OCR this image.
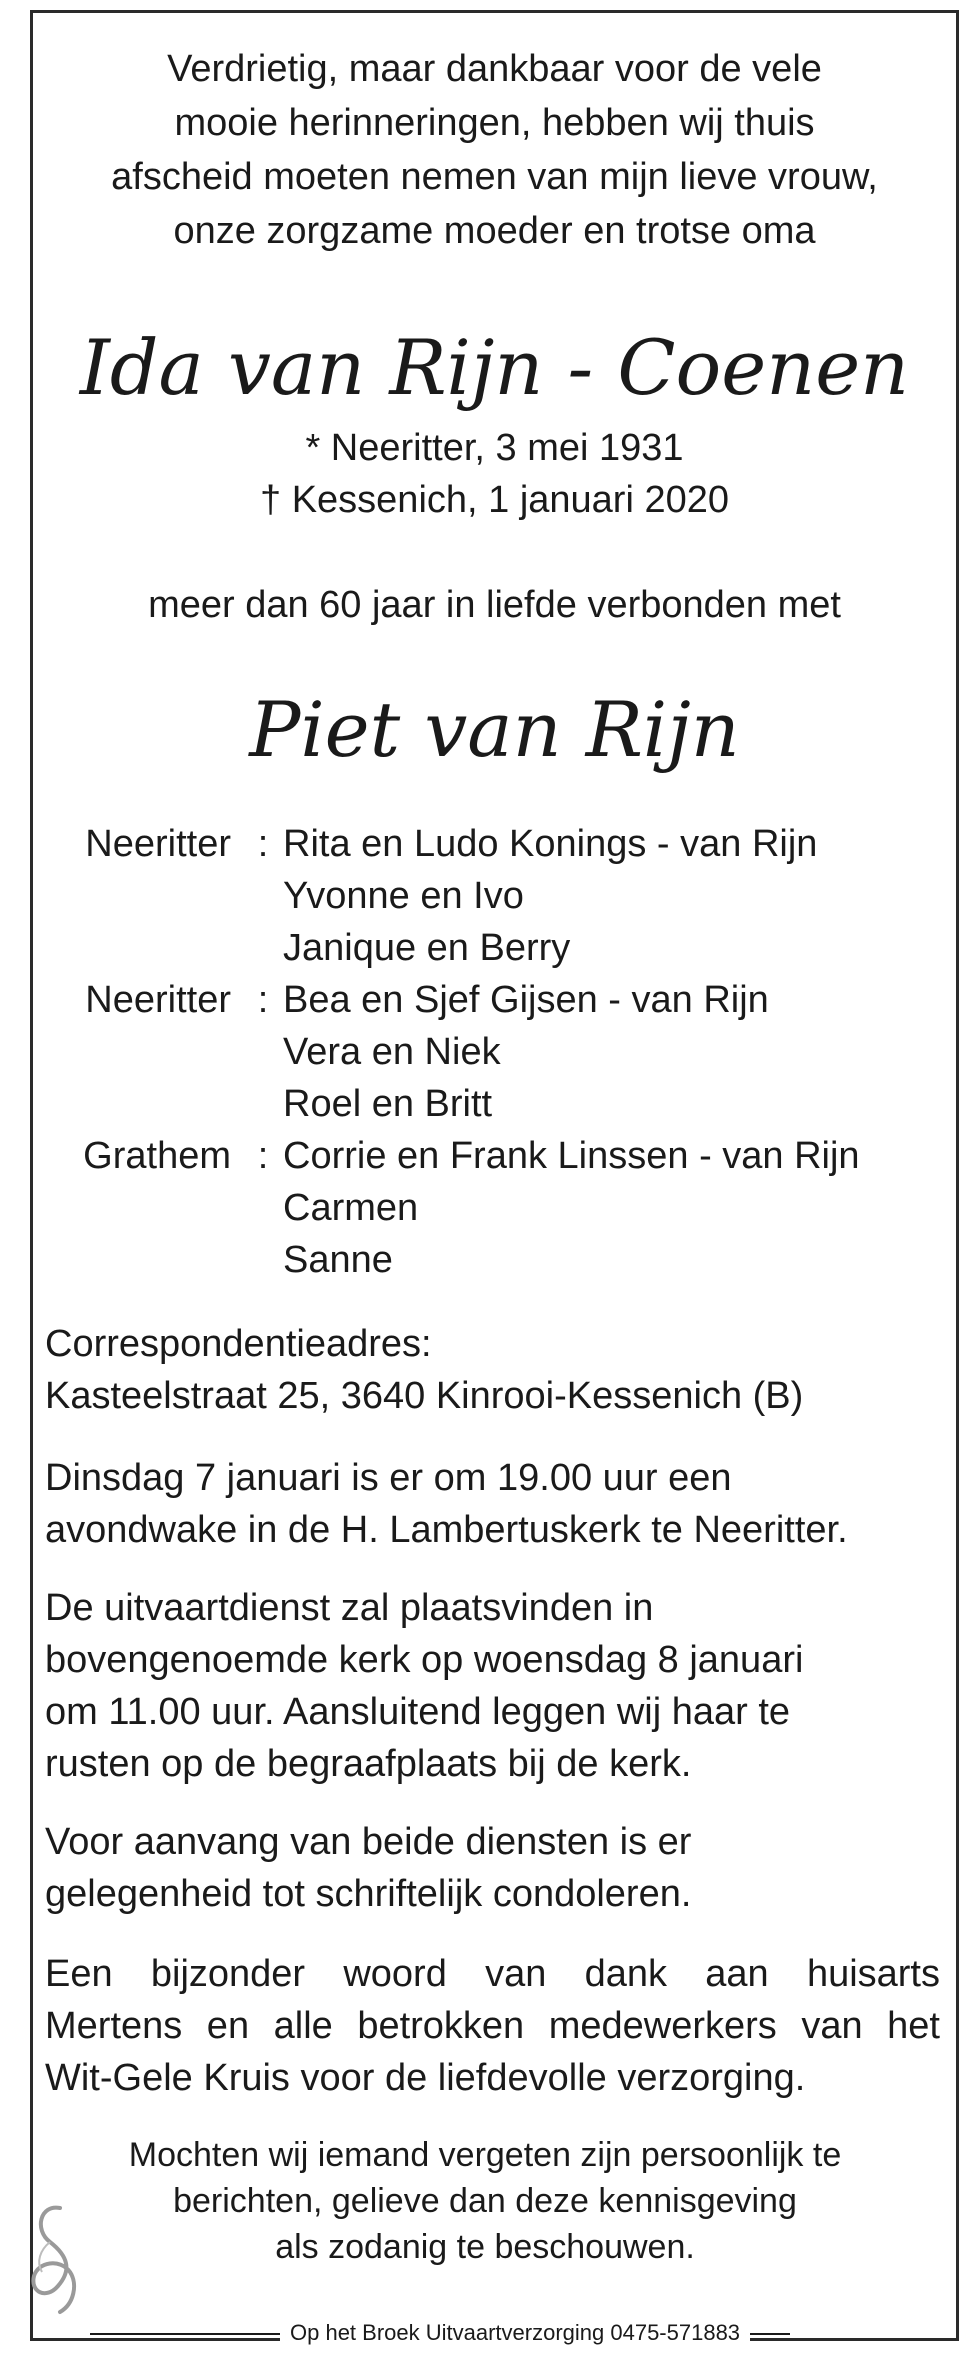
Verdrietig, maar dankbaar voor de vele
mooie herinneringen, hebben wij thuis
afscheid moeten nemen van mijn lieve vrouw,
onze zorgzame moeder en trotse oma
Ida van Rijn - Coenen
* Neeritter, 3 mei 1931
† Kessenich, 1 januari 2020
meer dan 60 jaar in liefde verbonden met
Piet van Rijn
Neeritter : Rita en Ludo Konings - van Rijn
Yvonne en Ivo
Janique en Berry
Neeritter : Bea en Sjef Gijsen - van Rijn
Vera en Niek
Roel en Britt
Grathem : Corrie en Frank Linssen - van Rijn
Carmen
Sanne
Correspondentieadres:
Kasteelstraat 25, 3640 Kinrooi-Kessenich (B)
Dinsdag 7 januari is er om 19.00 uur een
avondwake in de H. Lambertuskerk te Neeritter.
De uitvaartdienst zal plaatsvinden in
bovengenoemde kerk op woensdag 8 januari
om 11.00 uur. Aansluitend leggen wij haar te
rusten op de begraafplaats bij de kerk.
Voor aanvang van beide diensten is er
gelegenheid tot schriftelijk condoleren.
Een bijzonder woord van dank aan huisarts
Mertens en alle betrokken medewerkers van het
Wit-Gele Kruis voor de liefdevolle verzorging.
Mochten wij iemand vergeten zijn persoonlijk te
berichten, gelieve dan deze kennisgeving
als zodanig te beschouwen.
Op het Broek Uitvaartverzorging 0475-571883
